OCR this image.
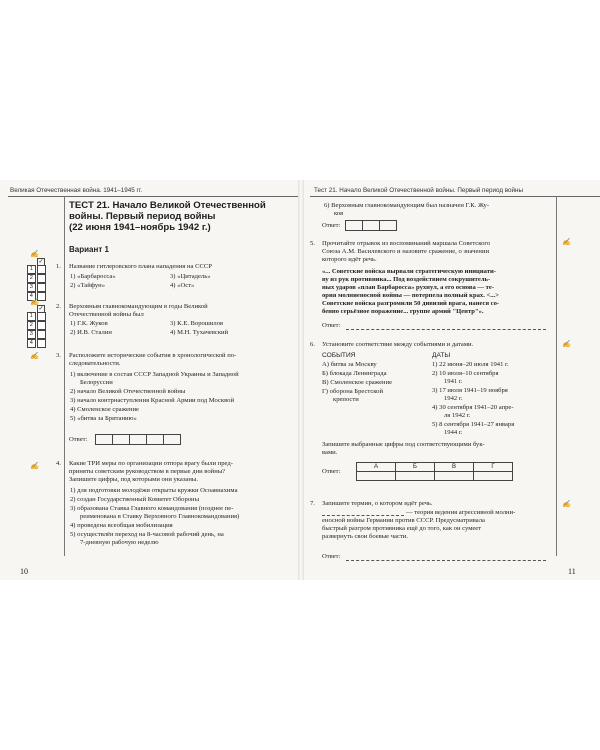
Великая Отечественная война. 1941–1945 гг.
ТЕСТ 21. Начало Великой Отечественной
войны. Первый период войны
(22 июня 1941–ноябрь 1942 г.)
Вариант 1
✓
1
2
3
4
✍
✓
1
2
3
4
✍
✍
✍
1. Название гитлеровского плана нападения на СССР
1) «Барбаросса»	3) «Цитадель»
2) «Тайфун»	4) «Ост»
2. Верховным главнокомандующим в годы Великой
Отечественной войны был
1) Г.К. Жуков	3) К.Е. Ворошилов
2) И.В. Сталин	4) М.Н. Тухачевский
3. Расположите исторические события в хронологической по-
следовательности.
1) включение в состав СССР Западной Украины и Западной
Белоруссии
2) начало Великой Отечественной войны
3) начало контрнаступления Красной Армии под Москвой
4) Смоленское сражение
5) «битва за Британию»
Ответ:
4. Какие ТРИ меры по организации отпора врагу были пред-
приняты советским руководством в первые дни войны?
Запишите цифры, под которыми они указаны.
1) для подготовки молодёжи открыты кружки Осоавиахима
2) создан Государственный Комитет Обороны
3) образована Ставка Главного командования (позднее пе-
реименована в Ставку Верховного Главнокомандования)
4) проведена всеобщая мобилизация
5) осуществлён переход на 8-часовой рабочий день, на
7-дневную рабочую неделю
10
Тест 21. Начало Великой Отечественной войны. Первый период войны
6) Верховным главнокомандующим был назначен Г.К. Жу-
ков
Ответ:
5. Прочитайте отрывок из воспоминаний маршала Советского
Союза А.М. Василевского и назовите сражение, о значении
которого идёт речь.
«... Советские войска вырвали стратегическую инициати-
ву из рук противника... Под воздействием сокрушитель-
ных ударов «план Барбаросса» рухнул, а его основа — те-
ория молниеносной войны — потерпела полный крах. <...>
Советские войска разгромили 50 дивизий врага, нанеся со-
бенно серьёзное поражение... группе армий "Центр"».
Ответ:
✍
6. Установите соответствие между событиями и датами.
СОБЫТИЯ	ДАТЫ
А) битва за Москву
Б) блокада Ленинграда
В) Смоленское сражение
Г) оборона Брестской
крепости
1) 22 июня–20 июля 1941 г.
2) 10 июля–10 сентября
1941 г.
3) 17 июля 1941–19 ноября
1942 г.
4) 30 сентября 1941–20 апре-
ля 1942 г.
5) 8 сентября 1941–27 января
1944 г.
Запишите выбранные цифры под соответствующими бук-
вами.
Ответ:
А	Б	В	Г
✍
7. Запишите термин, о котором идёт речь.
— теория ведения агрессивной молни-
еносной войны Германии против СССР. Предусматривала
быстрый разгром противника ещё до того, как он сумеет
развернуть свои боевые части.
Ответ:
✍
11
